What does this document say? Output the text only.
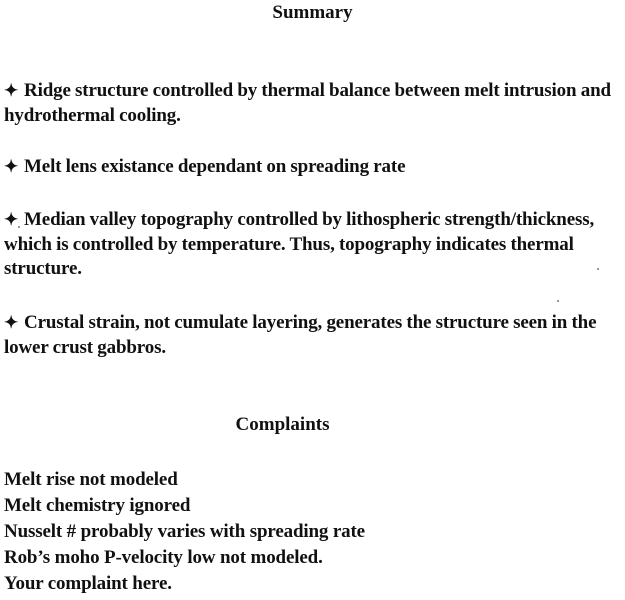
Summary
✦ Ridge structure controlled by thermal balance between melt intrusion and hydrothermal cooling.
✦ Melt lens existance dependant on spreading rate
✦ Median valley topography controlled by lithospheric strength/thickness, which is controlled by temperature. Thus, topography indicates thermal structure.
✦ Crustal strain, not cumulate layering, generates the structure seen in the lower crust gabbros.
Complaints
Melt rise not modeled
Melt chemistry ignored
Nusselt # probably varies with spreading rate
Rob’s moho P-velocity low not modeled.
Your complaint here.
